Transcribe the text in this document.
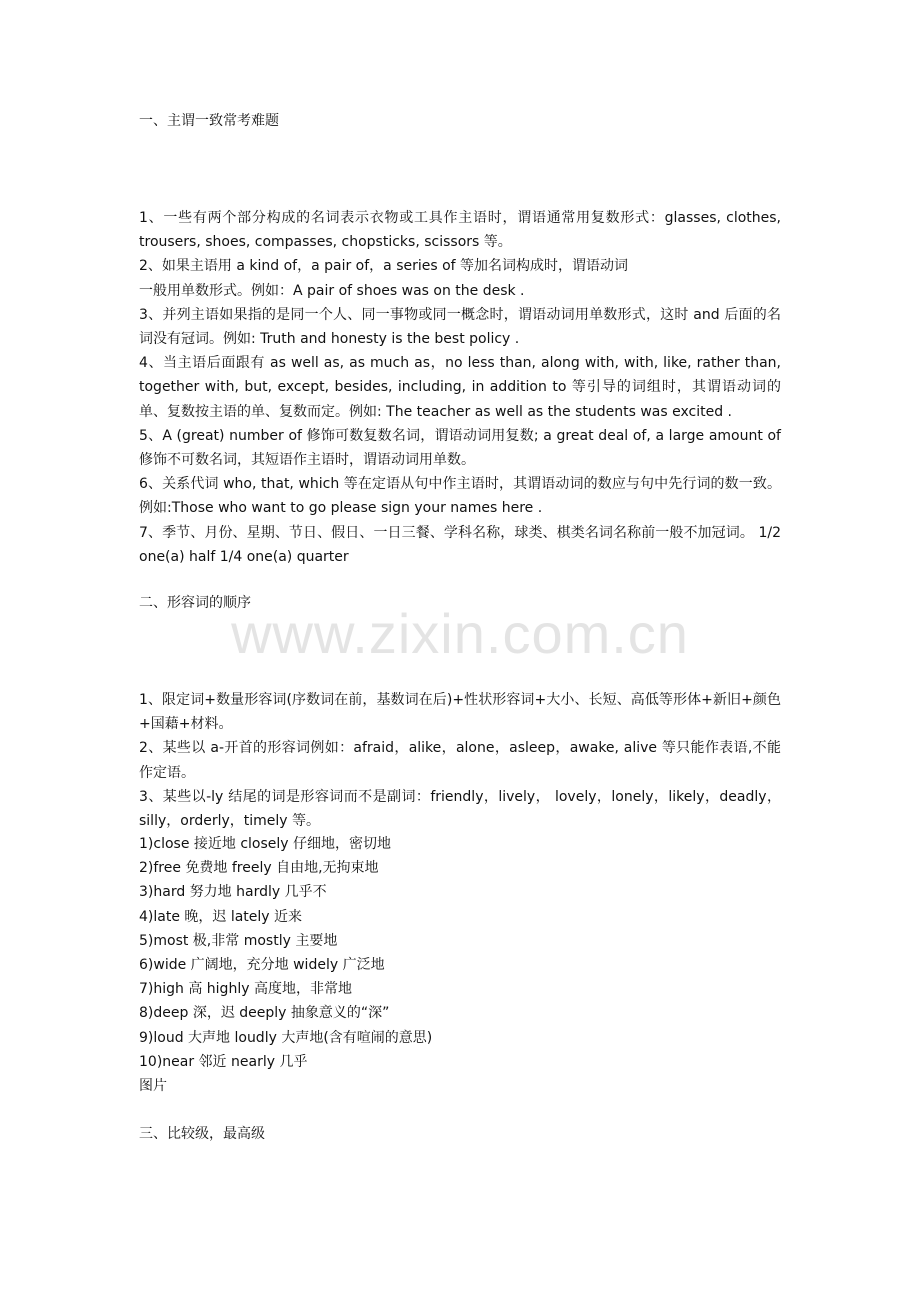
www.zixin.com.cn
一、主谓一致常考难题

1、一些有两个部分构成的名词表示衣物或工具作主语时，谓语通常用复数形式：glasses, clothes, trousers, shoes, compasses, chopsticks, scissors 等。

2、如果主语用 a kind of，a pair of，a series of 等加名词构成时，谓语动词

一般用单数形式。例如：A pair of shoes was on the desk .

3、并列主语如果指的是同一个人、同一事物或同一概念时，谓语动词用单数形式，这时 and 后面的名词没有冠词。例如: Truth and honesty is the best policy .

4、当主语后面跟有 as well as, as much as，no less than, along with, with, like, rather than, together with, but, except, besides, including, in addition to 等引导的词组时，其谓语动词的单、复数按主语的单、复数而定。例如: The teacher as well as the students was excited .

5、A (great) number of 修饰可数复数名词，谓语动词用复数; a great deal of, a large amount of 修饰不可数名词，其短语作主语时，谓语动词用单数。

6、关系代词 who, that, which 等在定语从句中作主语时，其谓语动词的数应与句中先行词的数一致。例如:Those who want to go please sign your names here .

7、季节、月份、星期、节日、假日、一日三餐、学科名称，球类、棋类名词名称前一般不加冠词。 1/2 one(a) half 1/4 one(a) quarter

二、形容词的顺序

1、限定词+数量形容词(序数词在前，基数词在后)+性状形容词+大小、长短、高低等形体+新旧+颜色+国藉+材料。

2、某些以 a-开首的形容词例如：afraid，alike，alone，asleep，awake, alive 等只能作表语,不能作定语。

3、某些以-ly 结尾的词是形容词而不是副词：friendly，lively， lovely，lonely，likely，deadly，silly，orderly，timely 等。

1)close 接近地 closely 仔细地，密切地

2)free 免费地 freely 自由地,无拘束地

3)hard 努力地 hardly 几乎不

4)late 晚，迟 lately 近来

5)most 极,非常 mostly 主要地

6)wide 广阔地，充分地 widely 广泛地

7)high 高 highly 高度地，非常地

8)deep 深，迟 deeply 抽象意义的“深”

9)loud 大声地 loudly 大声地(含有喧闹的意思)

10)near 邻近 nearly 几乎

图片

三、比较级，最高级
